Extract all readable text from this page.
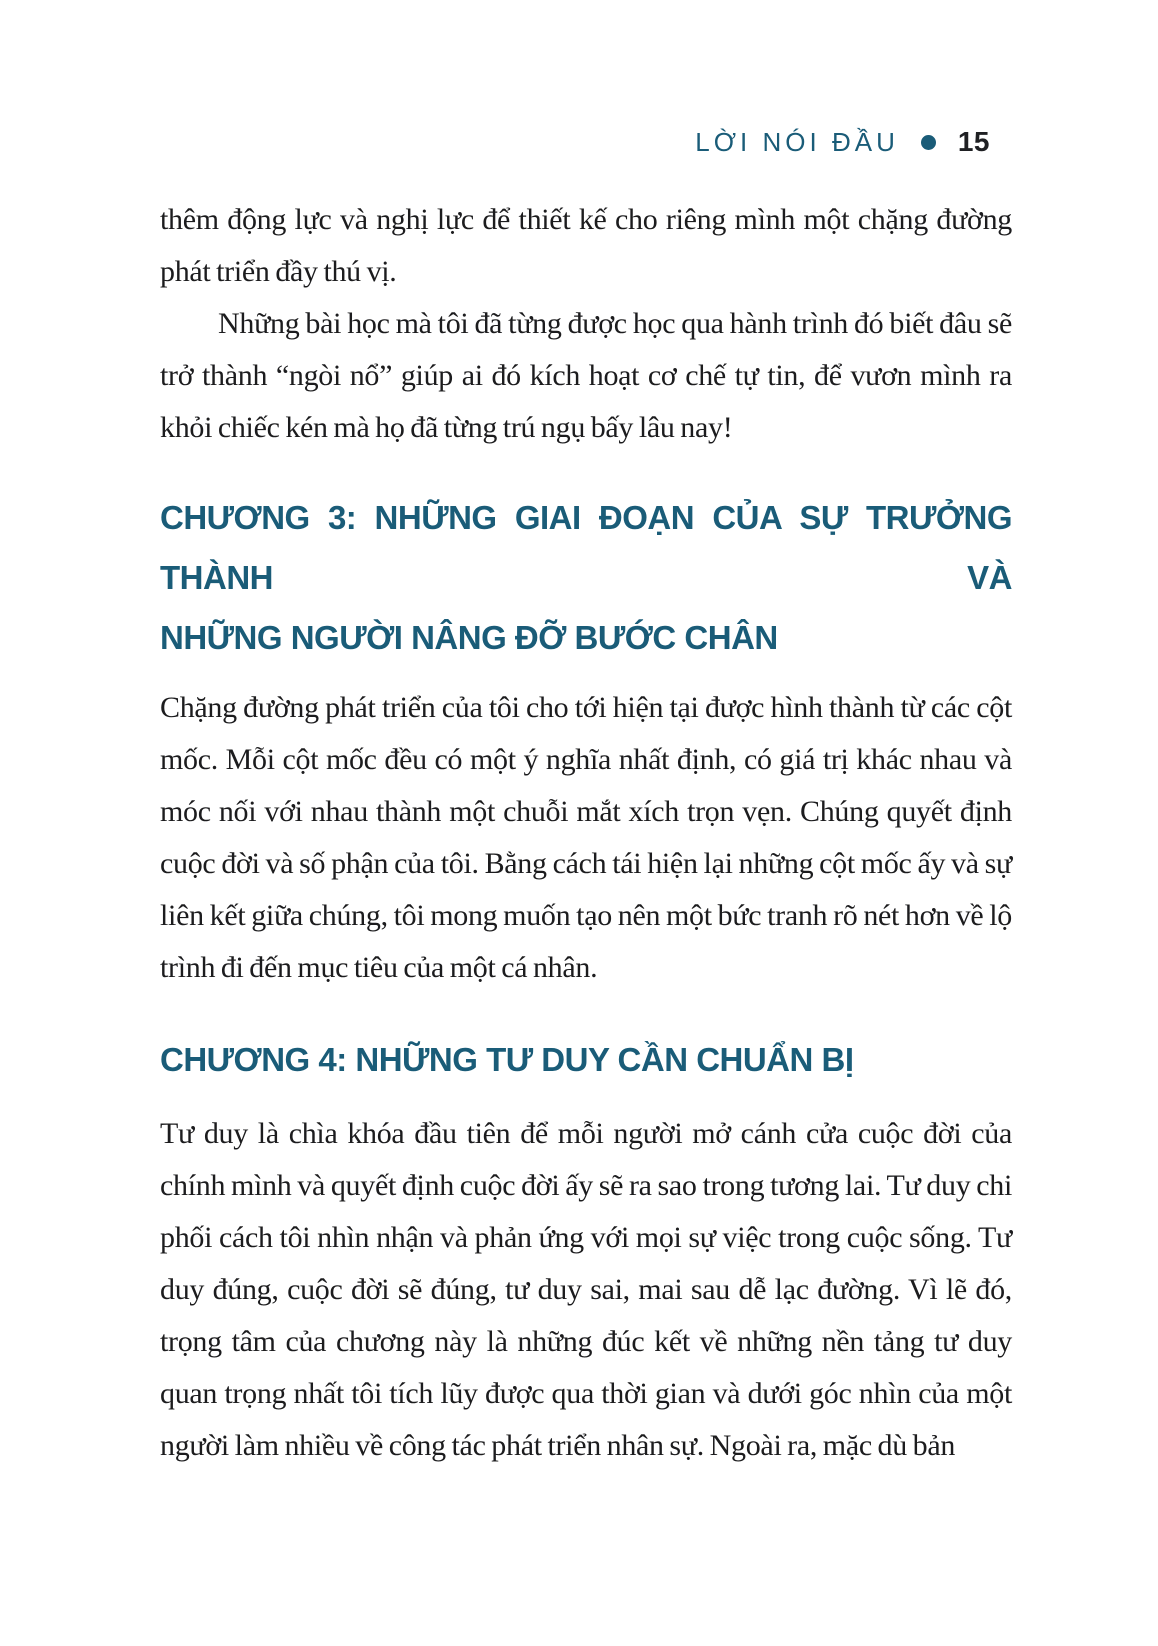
LỜI NÓI ĐẦU 15

thêm động lực và nghị lực để thiết kế cho riêng mình một chặng đường phát triển đầy thú vị.

Những bài học mà tôi đã từng được học qua hành trình đó biết đâu sẽ trở thành “ngòi nổ” giúp ai đó kích hoạt cơ chế tự tin, để vươn mình ra khỏi chiếc kén mà họ đã từng trú ngụ bấy lâu nay!

CHƯƠNG 3: NHỮNG GIAI ĐOẠN CỦA SỰ TRƯỞNG THÀNH VÀ
NHỮNG NGƯỜI NÂNG ĐỠ BƯỚC CHÂN

Chặng đường phát triển của tôi cho tới hiện tại được hình thành từ các cột mốc. Mỗi cột mốc đều có một ý nghĩa nhất định, có giá trị khác nhau và móc nối với nhau thành một chuỗi mắt xích trọn vẹn. Chúng quyết định cuộc đời và số phận của tôi. Bằng cách tái hiện lại những cột mốc ấy và sự liên kết giữa chúng, tôi mong muốn tạo nên một bức tranh rõ nét hơn về lộ trình đi đến mục tiêu của một cá nhân.

CHƯƠNG 4: NHỮNG TƯ DUY CẦN CHUẨN BỊ

Tư duy là chìa khóa đầu tiên để mỗi người mở cánh cửa cuộc đời của chính mình và quyết định cuộc đời ấy sẽ ra sao trong tương lai. Tư duy chi phối cách tôi nhìn nhận và phản ứng với mọi sự việc trong cuộc sống. Tư duy đúng, cuộc đời sẽ đúng, tư duy sai, mai sau dễ lạc đường. Vì lẽ đó, trọng tâm của chương này là những đúc kết về những nền tảng tư duy quan trọng nhất tôi tích lũy được qua thời gian và dưới góc nhìn của một người làm nhiều về công tác phát triển nhân sự. Ngoài ra, mặc dù bản
